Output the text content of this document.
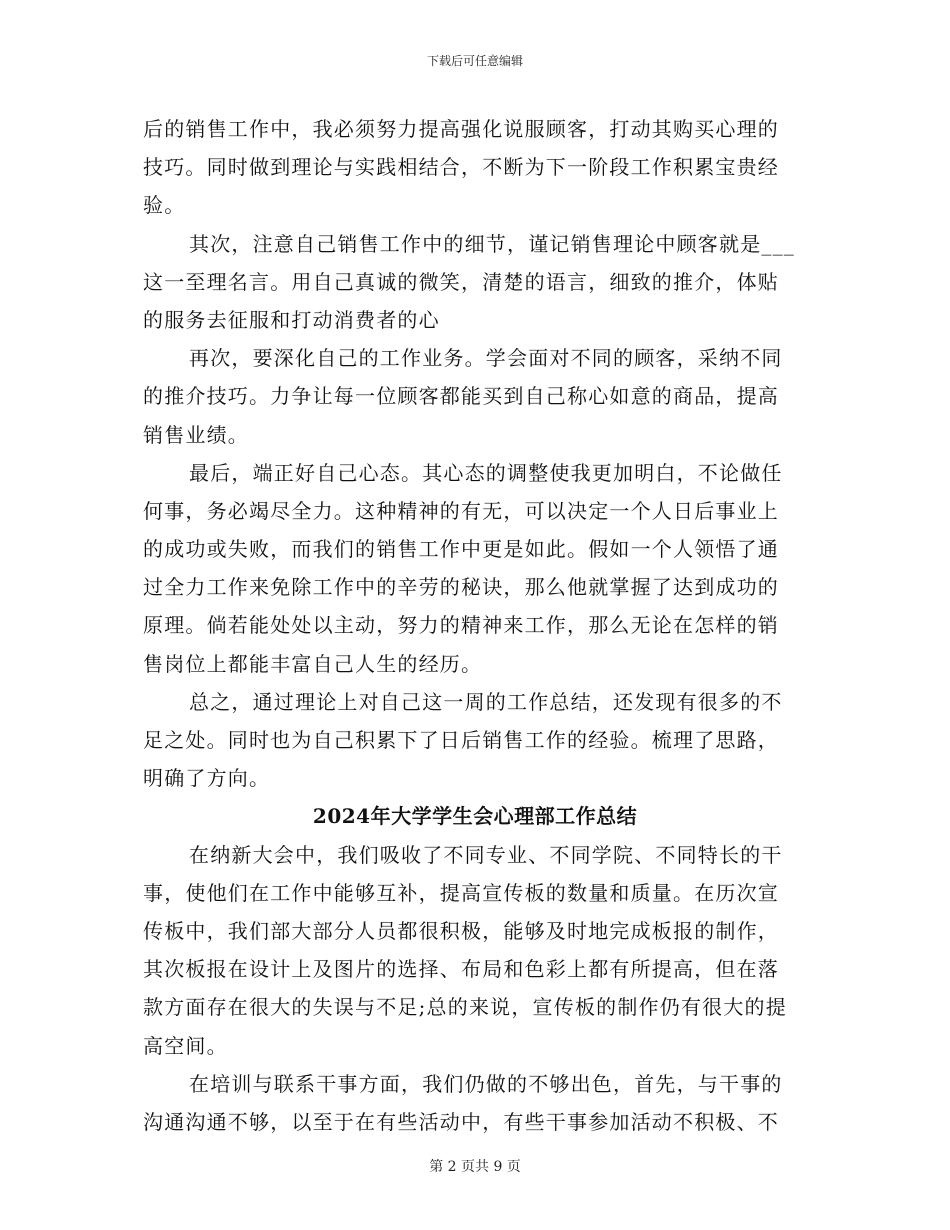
下载后可任意编辑
后的销售工作中，我必须努力提高强化说服顾客，打动其购买心理的
技巧。同时做到理论与实践相结合，不断为下一阶段工作积累宝贵经
验。
其次，注意自己销售工作中的细节，谨记销售理论中顾客就是___
这一至理名言。用自己真诚的微笑，清楚的语言，细致的推介，体贴
的服务去征服和打动消费者的心
再次，要深化自己的工作业务。学会面对不同的顾客，采纳不同
的推介技巧。力争让每一位顾客都能买到自己称心如意的商品，提高
销售业绩。
最后，端正好自己心态。其心态的调整使我更加明白，不论做任
何事，务必竭尽全力。这种精神的有无，可以决定一个人日后事业上
的成功或失败，而我们的销售工作中更是如此。假如一个人领悟了通
过全力工作来免除工作中的辛劳的秘诀，那么他就掌握了达到成功的
原理。倘若能处处以主动，努力的精神来工作，那么无论在怎样的销
售岗位上都能丰富自己人生的经历。
总之，通过理论上对自己这一周的工作总结，还发现有很多的不
足之处。同时也为自己积累下了日后销售工作的经验。梳理了思路，
明确了方向。
2024年大学学生会心理部工作总结
在纳新大会中，我们吸收了不同专业、不同学院、不同特长的干
事，使他们在工作中能够互补，提高宣传板的数量和质量。在历次宣
传板中，我们部大部分人员都很积极，能够及时地完成板报的制作，
其次板报在设计上及图片的选择、布局和色彩上都有所提高，但在落
款方面存在很大的失误与不足;总的来说，宣传板的制作仍有很大的提
高空间。
在培训与联系干事方面，我们仍做的不够出色，首先，与干事的
沟通沟通不够，以至于在有些活动中，有些干事参加活动不积极、不
第 2 页共 9 页
